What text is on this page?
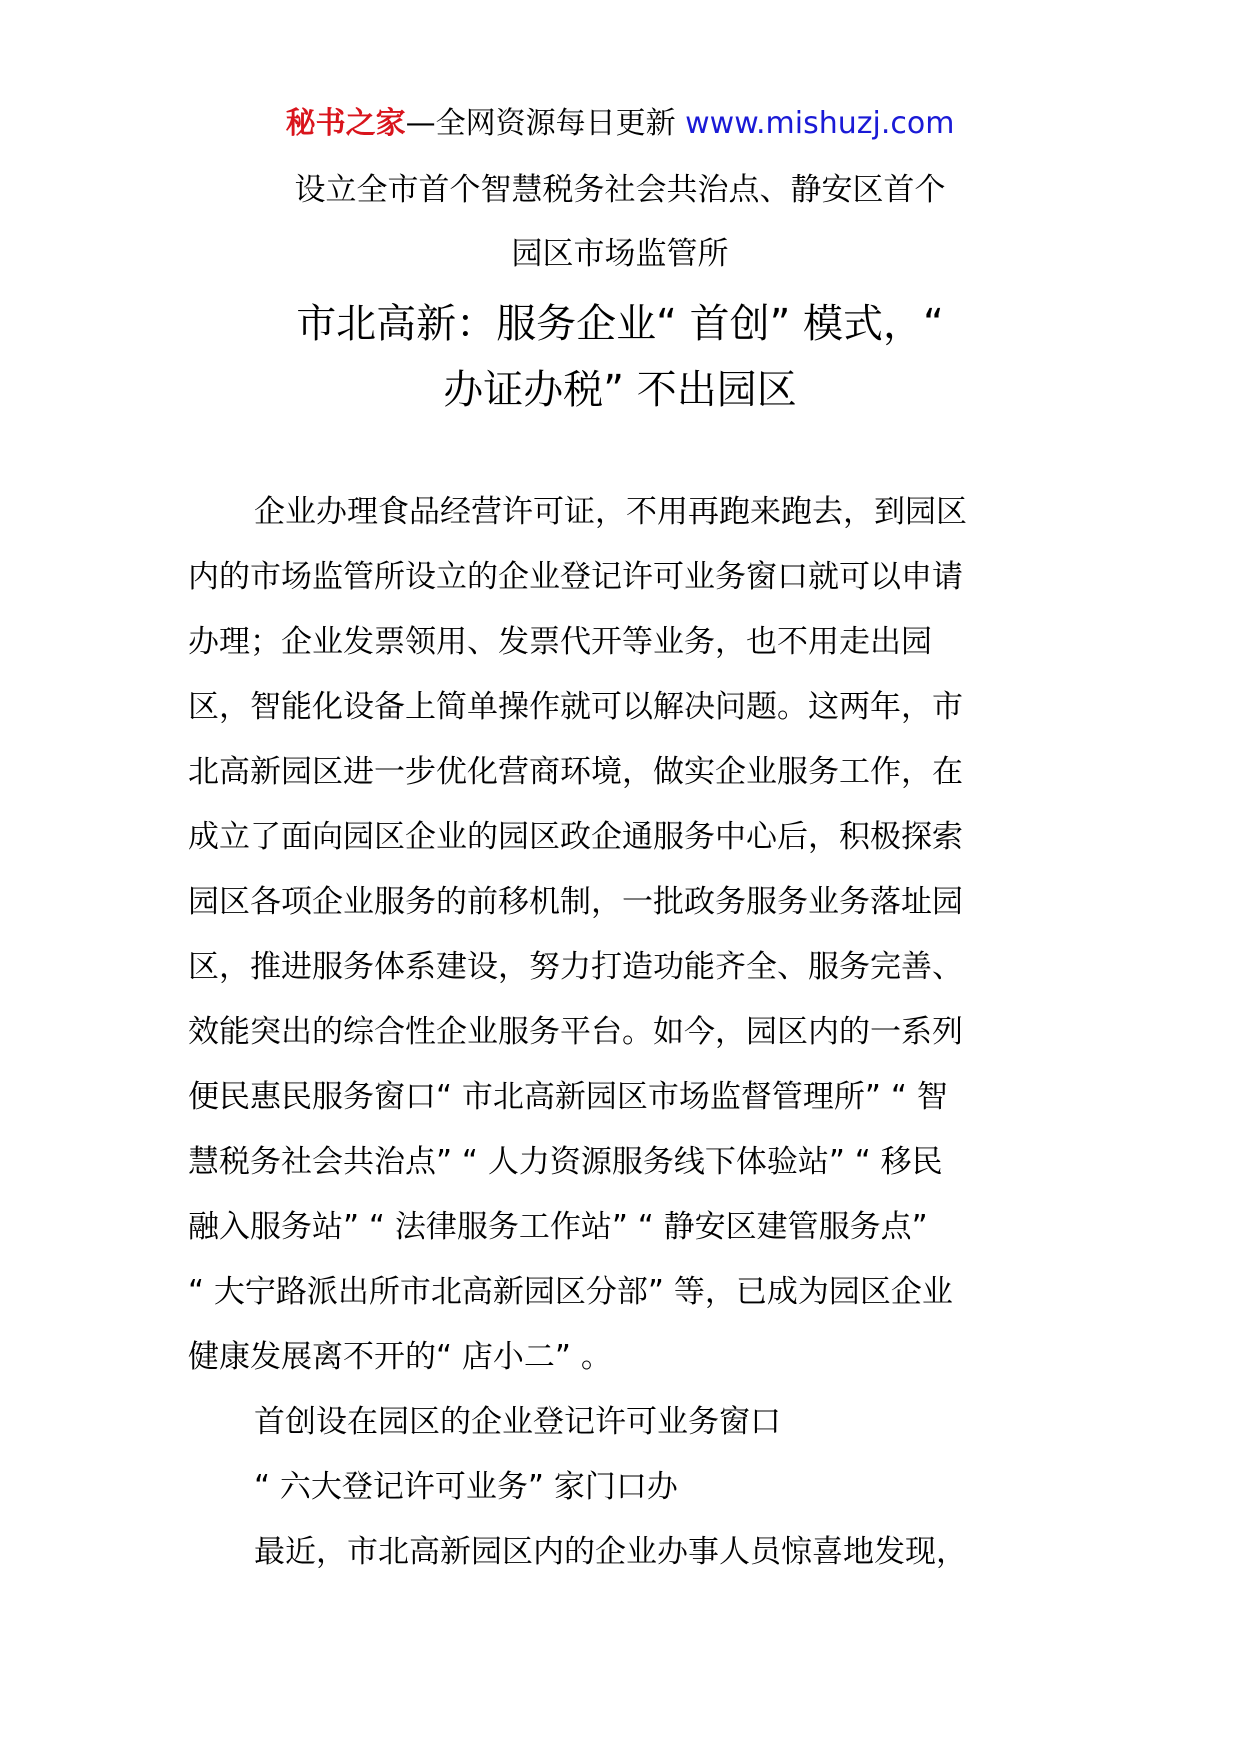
秘书之家—全网资源每日更新 www.mishuzj.com
设立全市首个智慧税务社会共治点、静安区首个
园区市场监管所
市北高新：服务企业“ 首创” 模式，“
办证办税” 不出园区
企业办理食品经营许可证，不用再跑来跑去，到园区
内的市场监管所设立的企业登记许可业务窗口就可以申请
办理；企业发票领用、发票代开等业务，也不用走出园
区，智能化设备上简单操作就可以解决问题。这两年，市
北高新园区进一步优化营商环境，做实企业服务工作，在
成立了面向园区企业的园区政企通服务中心后，积极探索
园区各项企业服务的前移机制，一批政务服务业务落址园
区，推进服务体系建设，努力打造功能齐全、服务完善、
效能突出的综合性企业服务平台。如今，园区内的一系列
便民惠民服务窗口“ 市北高新园区市场监督管理所” “ 智
慧税务社会共治点” “ 人力资源服务线下体验站” “ 移民
融入服务站” “ 法律服务工作站” “ 静安区建管服务点”
“ 大宁路派出所市北高新园区分部” 等，已成为园区企业
健康发展离不开的“ 店小二” 。
首创设在园区的企业登记许可业务窗口
“ 六大登记许可业务” 家门口办
最近，市北高新园区内的企业办事人员惊喜地发现，
